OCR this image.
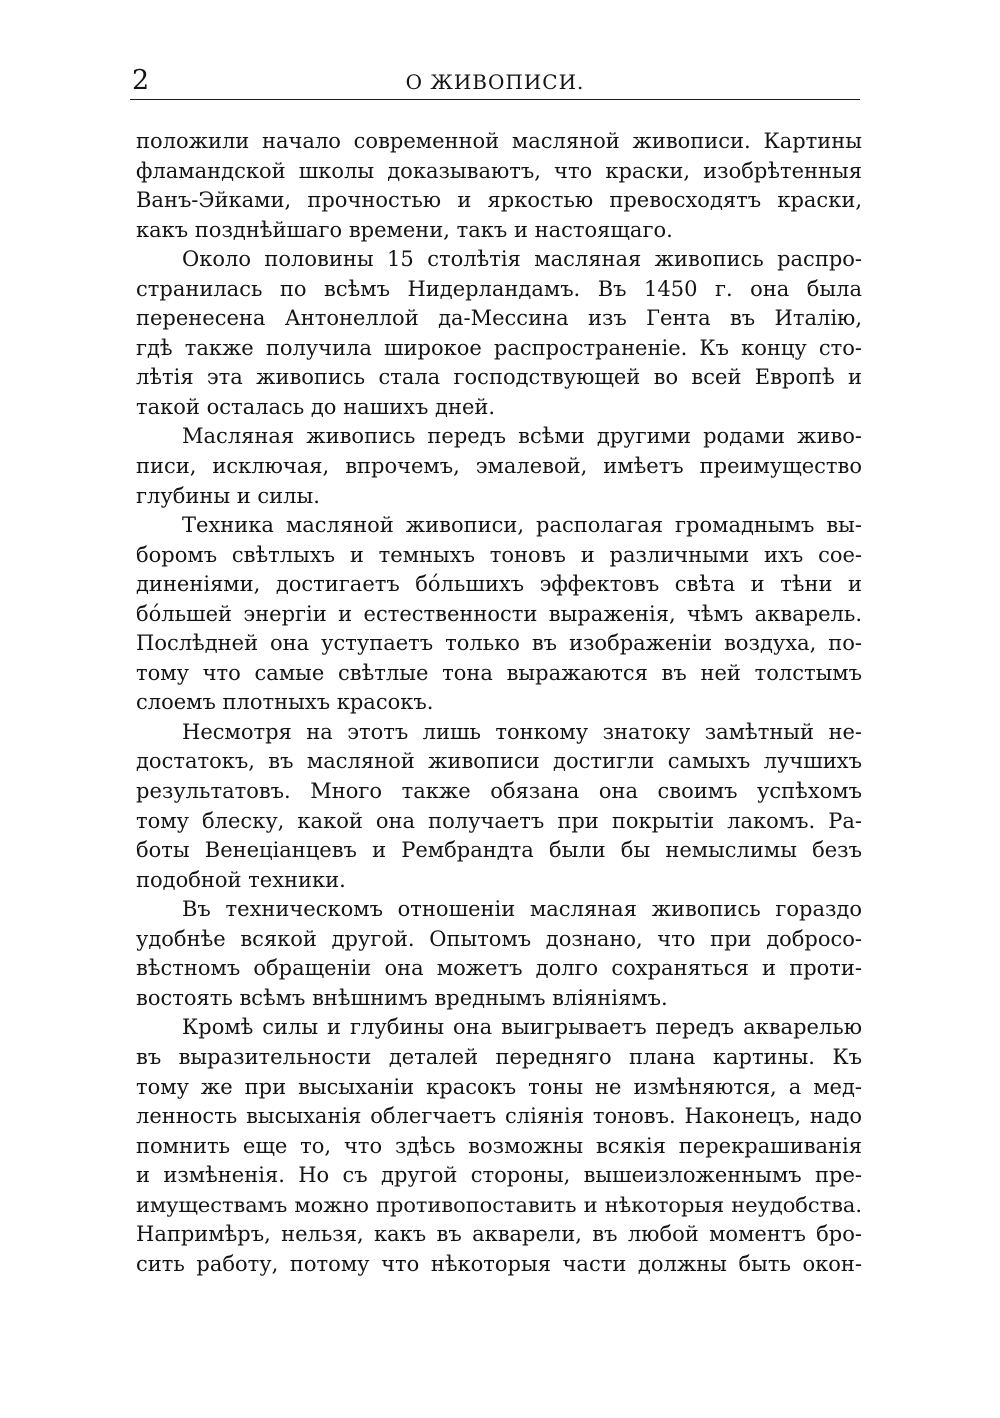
2	О ЖИВОПИСИ.

положили начало современной масляной живописи. Картины
фламандской школы доказываютъ, что краски, изобрѣтенныя
Ванъ-Эйками, прочностью и яркостью превосходятъ краски,
какъ позднѣйшаго времени, такъ и настоящаго.

Около половины 15 столѣтія масляная живопись распро-
странилась по всѣмъ Нидерландамъ. Въ 1450 г. она была
перенесена Антонеллой да-Мессина изъ Гента въ Италію,
гдѣ также получила широкое распространеніе. Къ концу сто-
лѣтія эта живопись стала господствующей во всей Европѣ и
такой осталась до нашихъ дней.

Масляная живопись передъ всѣми другими родами живо-
писи, исключая, впрочемъ, эмалевой, имѣетъ преимущество
глубины и силы.

Техника масляной живописи, располагая громаднымъ вы-
боромъ свѣтлыхъ и темныхъ тоновъ и различными ихъ сое-
диненіями, достигаетъ бо́льшихъ эффектовъ свѣта и тѣни и
бо́льшей энергіи и естественности выраженія, чѣмъ акварель.
Послѣдней она уступаетъ только въ изображеніи воздуха, по-
тому что самые свѣтлые тона выражаются въ ней толстымъ
слоемъ плотныхъ красокъ.

Несмотря на этотъ лишь тонкому знатоку замѣтный не-
достатокъ, въ масляной живописи достигли самыхъ лучшихъ
результатовъ. Много также обязана она своимъ успѣхомъ
тому блеску, какой она получаетъ при покрытіи лакомъ. Ра-
боты Венеціанцевъ и Рембрандта были бы немыслимы безъ
подобной техники.

Въ техническомъ отношеніи масляная живопись гораздо
удобнѣе всякой другой. Опытомъ дознано, что при добросо-
вѣстномъ обращеніи она можетъ долго сохраняться и проти-
востоять всѣмъ внѣшнимъ вреднымъ вліяніямъ.

Кромѣ силы и глубины она выигрываетъ передъ акварелью
въ выразительности деталей передняго плана картины. Къ
тому же при высыханіи красокъ тоны не измѣняются, а мед-
ленность высыханія облегчаетъ сліянія тоновъ. Наконецъ, надо
помнить еще то, что здѣсь возможны всякія перекрашиванія
и измѣненія. Но съ другой стороны, вышеизложеннымъ пре-
имуществамъ можно противопоставить и нѣкоторыя неудобства.
Напримѣръ, нельзя, какъ въ акварели, въ любой моментъ бро-
сить работу, потому что нѣкоторыя части должны быть окон-
